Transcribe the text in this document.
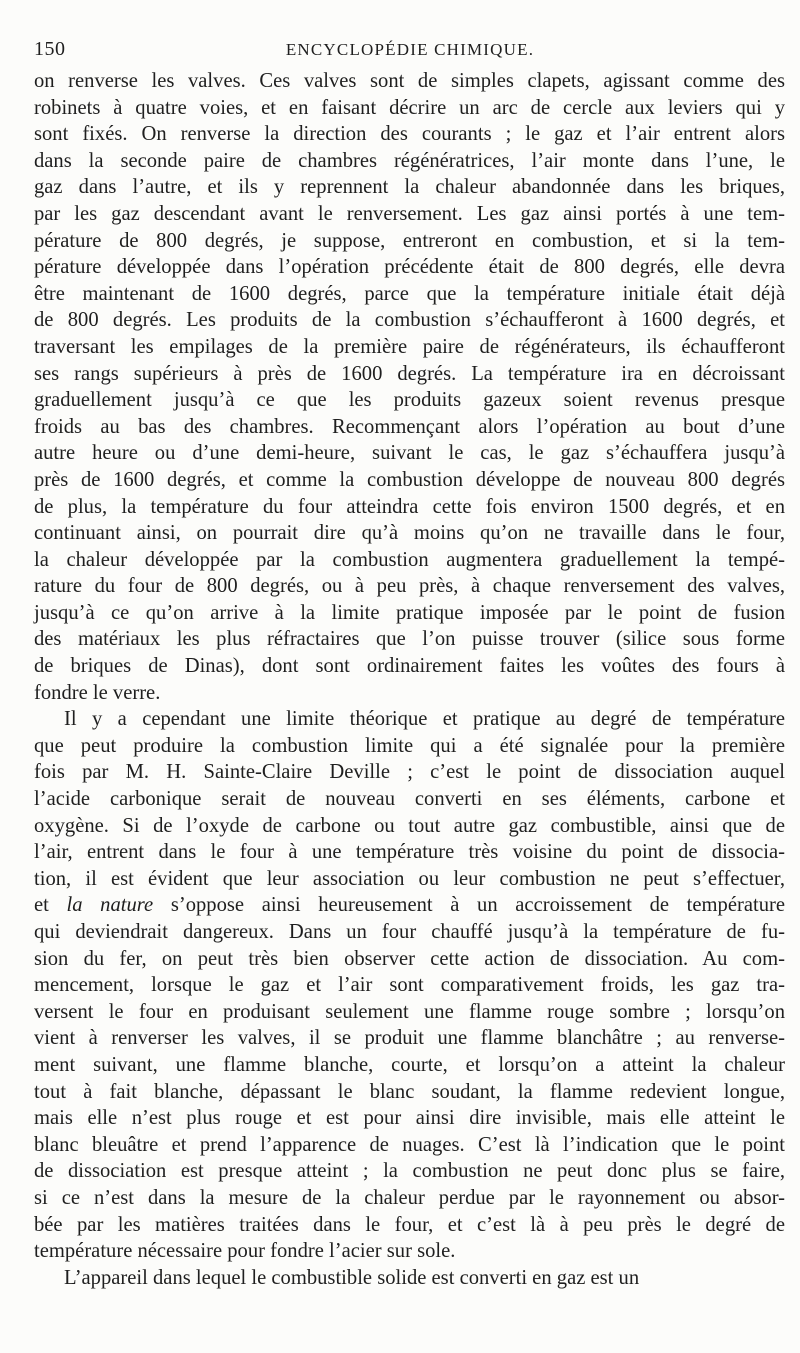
150	ENCYCLOPÉDIE CHIMIQUE.
on renverse les valves. Ces valves sont de simples clapets, agissant comme des
robinets à quatre voies, et en faisant décrire un arc de cercle aux leviers qui y
sont fixés. On renverse la direction des courants ; le gaz et l’air entrent alors
dans la seconde paire de chambres régénératrices, l’air monte dans l’une, le
gaz dans l’autre, et ils y reprennent la chaleur abandonnée dans les briques,
par les gaz descendant avant le renversement. Les gaz ainsi portés à une tem-
pérature de 800 degrés, je suppose, entreront en combustion, et si la tem-
pérature développée dans l’opération précédente était de 800 degrés, elle devra
être maintenant de 1600 degrés, parce que la température initiale était déjà
de 800 degrés. Les produits de la combustion s’échaufferont à 1600 degrés, et
traversant les empilages de la première paire de régénérateurs, ils échaufferont
ses rangs supérieurs à près de 1600 degrés. La température ira en décroissant
graduellement jusqu’à ce que les produits gazeux soient revenus presque
froids au bas des chambres. Recommençant alors l’opération au bout d’une
autre heure ou d’une demi-heure, suivant le cas, le gaz s’échauffera jusqu’à
près de 1600 degrés, et comme la combustion développe de nouveau 800 degrés
de plus, la température du four atteindra cette fois environ 1500 degrés, et en
continuant ainsi, on pourrait dire qu’à moins qu’on ne travaille dans le four,
la chaleur développée par la combustion augmentera graduellement la tempé-
rature du four de 800 degrés, ou à peu près, à chaque renversement des valves,
jusqu’à ce qu’on arrive à la limite pratique imposée par le point de fusion
des matériaux les plus réfractaires que l’on puisse trouver (silice sous forme
de briques de Dinas), dont sont ordinairement faites les voûtes des fours à
fondre le verre.
Il y a cependant une limite théorique et pratique au degré de température
que peut produire la combustion limite qui a été signalée pour la première
fois par M. H. Sainte-Claire Deville ; c’est le point de dissociation auquel
l’acide carbonique serait de nouveau converti en ses éléments, carbone et
oxygène. Si de l’oxyde de carbone ou tout autre gaz combustible, ainsi que de
l’air, entrent dans le four à une température très voisine du point de dissocia-
tion, il est évident que leur association ou leur combustion ne peut s’effectuer,
et la nature s’oppose ainsi heureusement à un accroissement de température
qui deviendrait dangereux. Dans un four chauffé jusqu’à la température de fu-
sion du fer, on peut très bien observer cette action de dissociation. Au com-
mencement, lorsque le gaz et l’air sont comparativement froids, les gaz tra-
versent le four en produisant seulement une flamme rouge sombre ; lorsqu’on
vient à renverser les valves, il se produit une flamme blanchâtre ; au renverse-
ment suivant, une flamme blanche, courte, et lorsqu’on a atteint la chaleur
tout à fait blanche, dépassant le blanc soudant, la flamme redevient longue,
mais elle n’est plus rouge et est pour ainsi dire invisible, mais elle atteint le
blanc bleuâtre et prend l’apparence de nuages. C’est là l’indication que le point
de dissociation est presque atteint ; la combustion ne peut donc plus se faire,
si ce n’est dans la mesure de la chaleur perdue par le rayonnement ou absor-
bée par les matières traitées dans le four, et c’est là à peu près le degré de
température nécessaire pour fondre l’acier sur sole.
L’appareil dans lequel le combustible solide est converti en gaz est un
